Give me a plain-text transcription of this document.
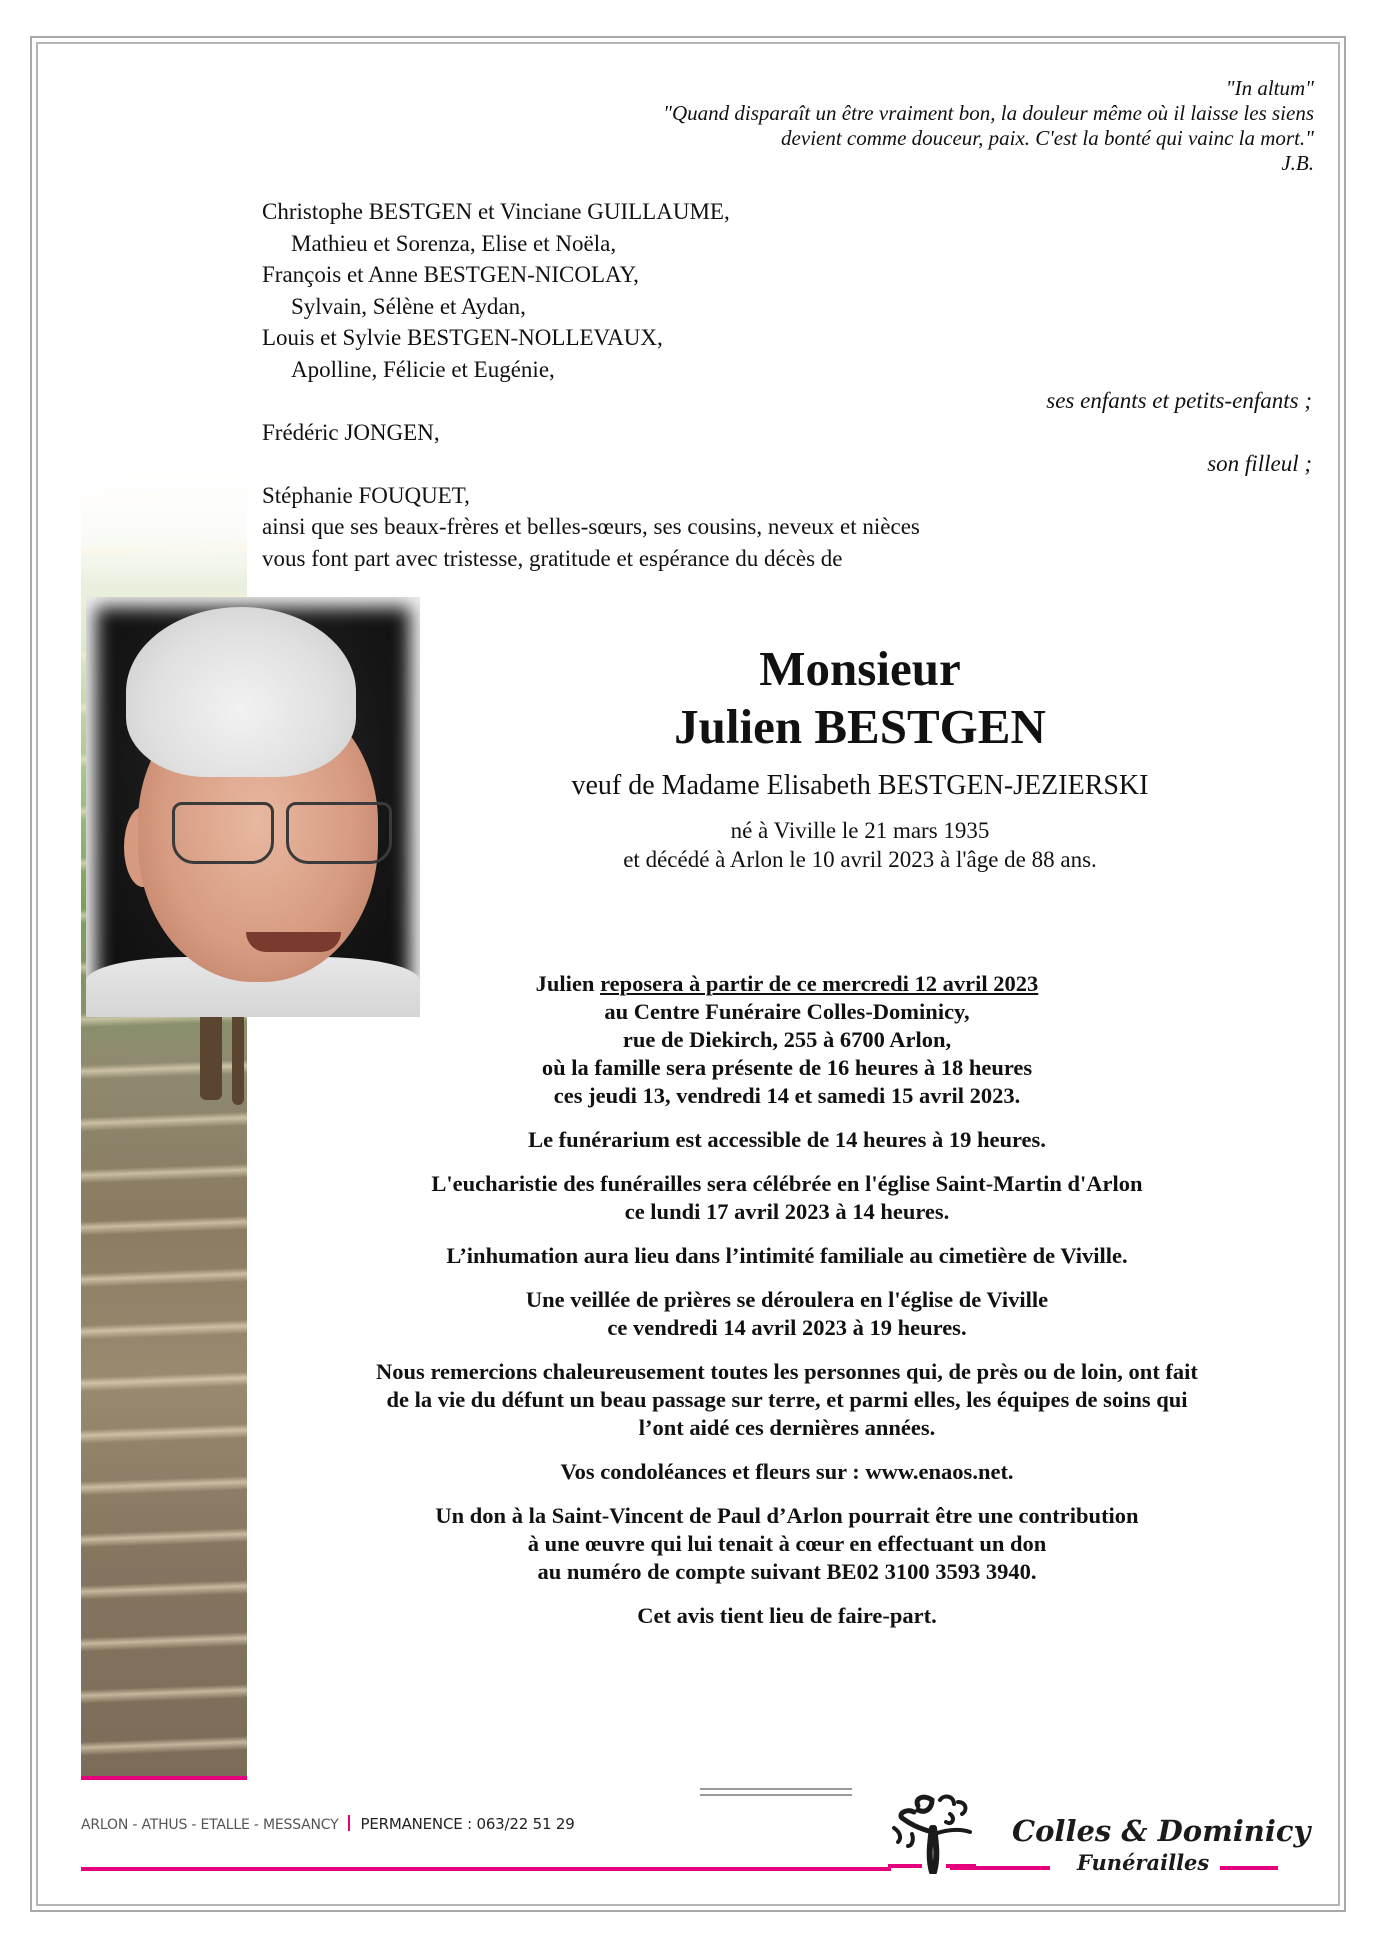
"In altum"
"Quand disparaît un être vraiment bon, la douleur même où il laisse les siens
devient comme douceur, paix. C'est la bonté qui vainc la mort."
J.B.
Christophe BESTGEN et Vinciane GUILLAUME,
Mathieu et Sorenza, Elise et Noëla,
François et Anne BESTGEN-NICOLAY,
Sylvain, Sélène et Aydan,
Louis et Sylvie BESTGEN-NOLLEVAUX,
Apolline, Félicie et Eugénie,
ses enfants et petits-enfants ;
Frédéric JONGEN,
son filleul ;
Stéphanie FOUQUET,
ainsi que ses beaux-frères et belles-sœurs, ses cousins, neveux et nièces
vous font part avec tristesse, gratitude et espérance du décès de
Monsieur
Julien BESTGEN
veuf de Madame Elisabeth BESTGEN-JEZIERSKI
né à Viville le 21 mars 1935
et décédé à Arlon le 10 avril 2023 à l'âge de 88 ans.
Julien reposera à partir de ce mercredi 12 avril 2023
au Centre Funéraire Colles-Dominicy,
rue de Diekirch, 255 à 6700 Arlon,
où la famille sera présente de 16 heures à 18 heures
ces jeudi 13, vendredi 14 et samedi 15 avril 2023.
Le funérarium est accessible de 14 heures à 19 heures.
L'eucharistie des funérailles sera célébrée en l'église Saint-Martin d'Arlon
ce lundi 17 avril 2023 à 14 heures.
L’inhumation aura lieu dans l’intimité familiale au cimetière de Viville.
Une veillée de prières se déroulera en l'église de Viville
ce vendredi 14 avril 2023 à 19 heures.
Nous remercions chaleureusement toutes les personnes qui, de près ou de loin, ont fait
de la vie du défunt un beau passage sur terre, et parmi elles, les équipes de soins qui
l’ont aidé ces dernières années.
Vos condoléances et fleurs sur : www.enaos.net.
Un don à la Saint-Vincent de Paul d’Arlon pourrait être une contribution
à une œuvre qui lui tenait à cœur en effectuant un don
au numéro de compte suivant BE02 3100 3593 3940.
Cet avis tient lieu de faire-part.
ARLON - ATHUS - ETALLE - MESSANCY PERMANENCE : 063/22 51 29	Colles & Dominicy
Funérailles
